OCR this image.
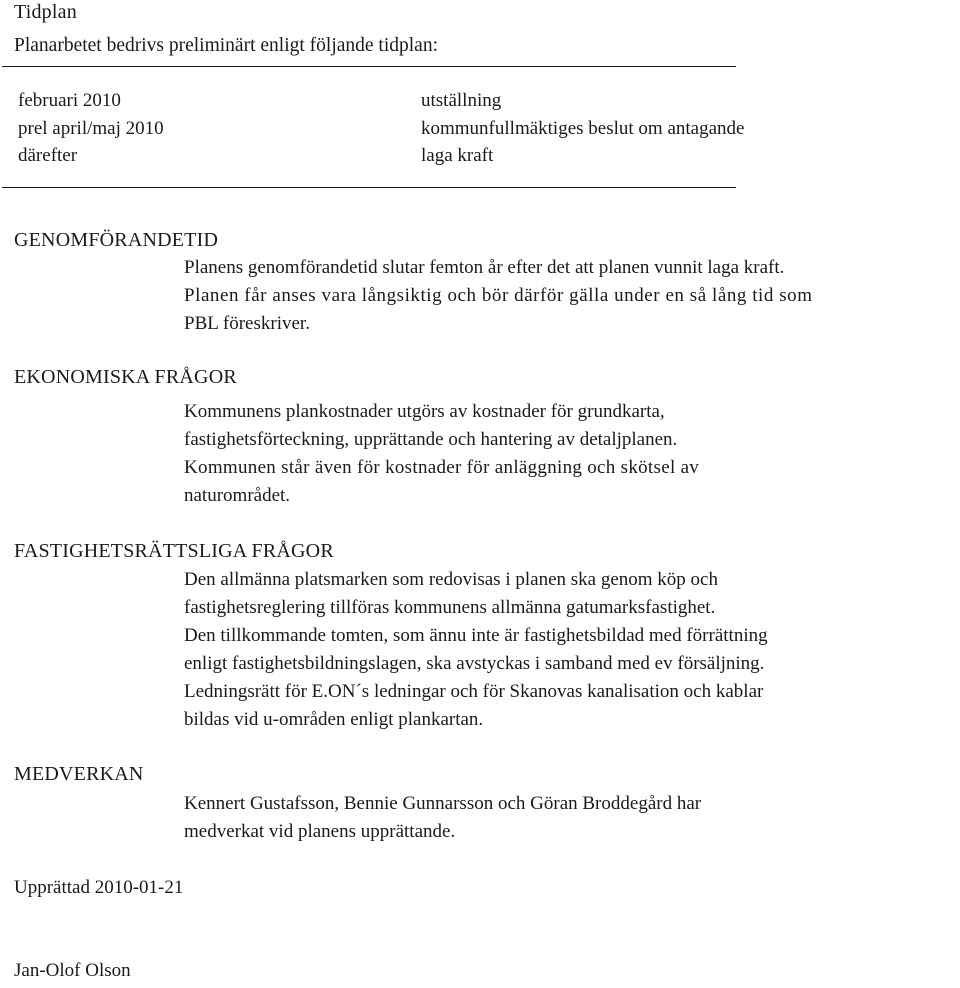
Tidplan
Planarbetet bedrivs preliminärt enligt följande tidplan:
februari 2010	utställning
prel april/maj 2010	kommunfullmäktiges beslut om antagande
därefter	laga kraft
GENOMFÖRANDETID
Planens genomförandetid slutar femton år efter det att planen vunnit laga kraft.
Planen får anses vara långsiktig och bör därför gälla under en så lång tid som
PBL föreskriver.
EKONOMISKA FRÅGOR
Kommunens plankostnader utgörs av kostnader för grundkarta,
fastighetsförteckning, upprättande och hantering av detaljplanen.
Kommunen står även för kostnader för anläggning och skötsel av
naturområdet.
FASTIGHETSRÄTTSLIGA FRÅGOR
Den allmänna platsmarken som redovisas i planen ska genom köp och
fastighetsreglering tillföras kommunens allmänna gatumarksfastighet.
Den tillkommande tomten, som ännu inte är fastighetsbildad med förrättning
enligt fastighetsbildningslagen, ska avstyckas i samband med ev försäljning.
Ledningsrätt för E.ON´s ledningar och för Skanovas kanalisation och kablar
bildas vid u-områden enligt plankartan.
MEDVERKAN
Kennert Gustafsson, Bennie Gunnarsson och Göran Broddegård har
medverkat vid planens upprättande.
Upprättad 2010-01-21
Jan-Olof Olson
